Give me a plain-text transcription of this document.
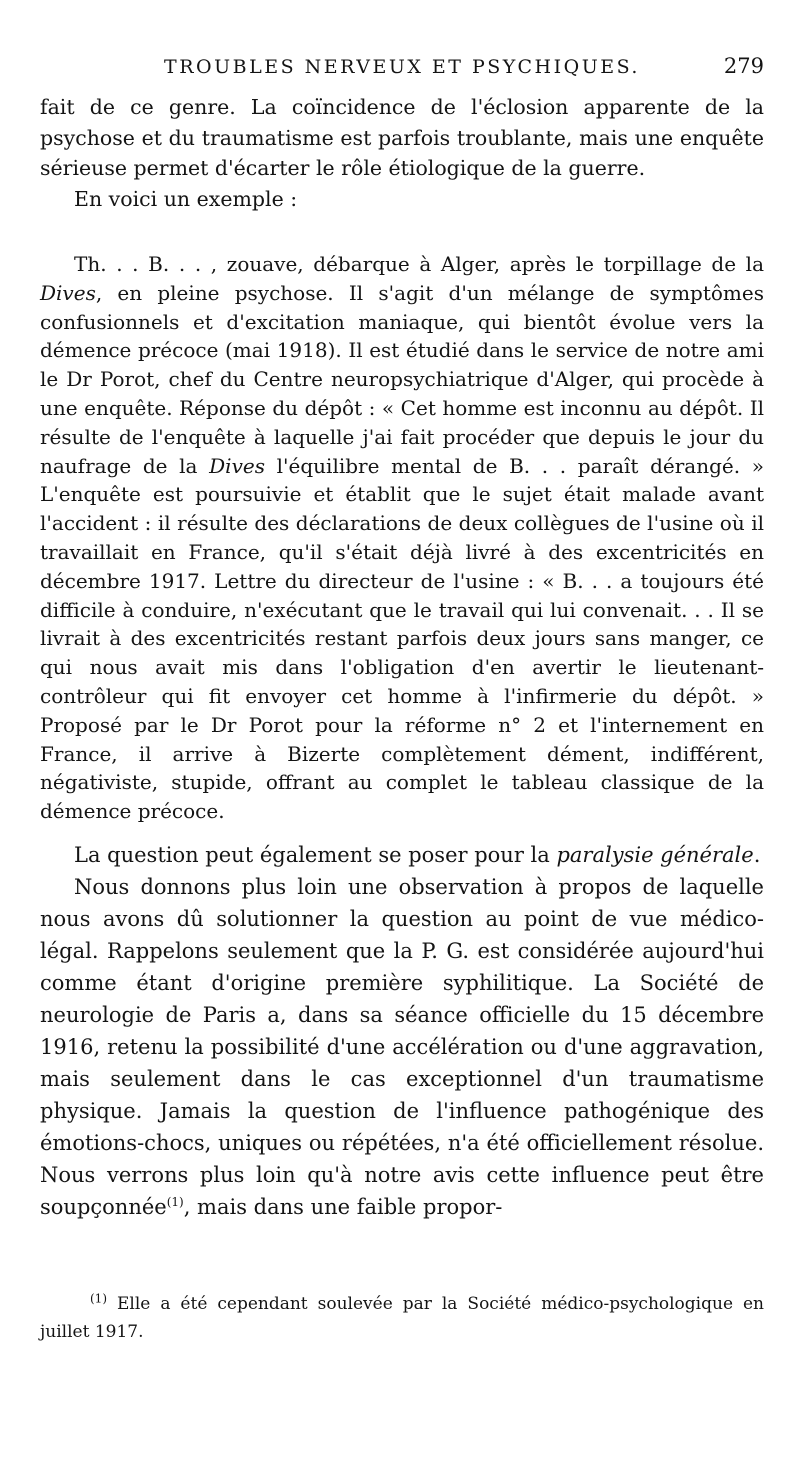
TROUBLES NERVEUX ET PSYCHIQUES.	279

fait de ce genre. La coïncidence de l'éclosion apparente de la psychose et du traumatisme est parfois troublante, mais une enquête sérieuse permet d'écarter le rôle étiologique de la guerre.

En voici un exemple :

Th. . . B. . . , zouave, débarque à Alger, après le torpillage de la Dives, en pleine psychose. Il s'agit d'un mélange de symptômes confusionnels et d'excitation maniaque, qui bientôt évolue vers la démence précoce (mai 1918). Il est étudié dans le service de notre ami le Dr Porot, chef du Centre neuropsychiatrique d'Alger, qui procède à une enquête. Réponse du dépôt : « Cet homme est inconnu au dépôt. Il résulte de l'enquête à laquelle j'ai fait procéder que depuis le jour du naufrage de la Dives l'équilibre mental de B. . . paraît dérangé. » L'enquête est poursuivie et établit que le sujet était malade avant l'accident : il résulte des déclarations de deux collègues de l'usine où il travaillait en France, qu'il s'était déjà livré à des excentricités en décembre 1917. Lettre du directeur de l'usine : « B. . . a toujours été difficile à conduire, n'exécutant que le travail qui lui convenait. . . Il se livrait à des excentricités restant parfois deux jours sans manger, ce qui nous avait mis dans l'obligation d'en avertir le lieutenant-contrôleur qui fit envoyer cet homme à l'infirmerie du dépôt. » Proposé par le Dr Porot pour la réforme n° 2 et l'internement en France, il arrive à Bizerte complètement dément, indifférent, négativiste, stupide, offrant au complet le tableau classique de la démence précoce.

La question peut également se poser pour la paralysie générale.

Nous donnons plus loin une observation à propos de laquelle nous avons dû solutionner la question au point de vue médico-légal. Rappelons seulement que la P. G. est considérée aujourd'hui comme étant d'origine première syphilitique. La Société de neurologie de Paris a, dans sa séance officielle du 15 décembre 1916, retenu la possibilité d'une accélération ou d'une aggravation, mais seulement dans le cas exceptionnel d'un traumatisme physique. Jamais la question de l'influence pathogénique des émotions-chocs, uniques ou répétées, n'a été officiellement résolue. Nous verrons plus loin qu'à notre avis cette influence peut être soupçonnée$^{(1)}$, mais dans une faible propor-

$^{(1)}$ Elle a été cependant soulevée par la Société médico-psychologique en juillet 1917.
